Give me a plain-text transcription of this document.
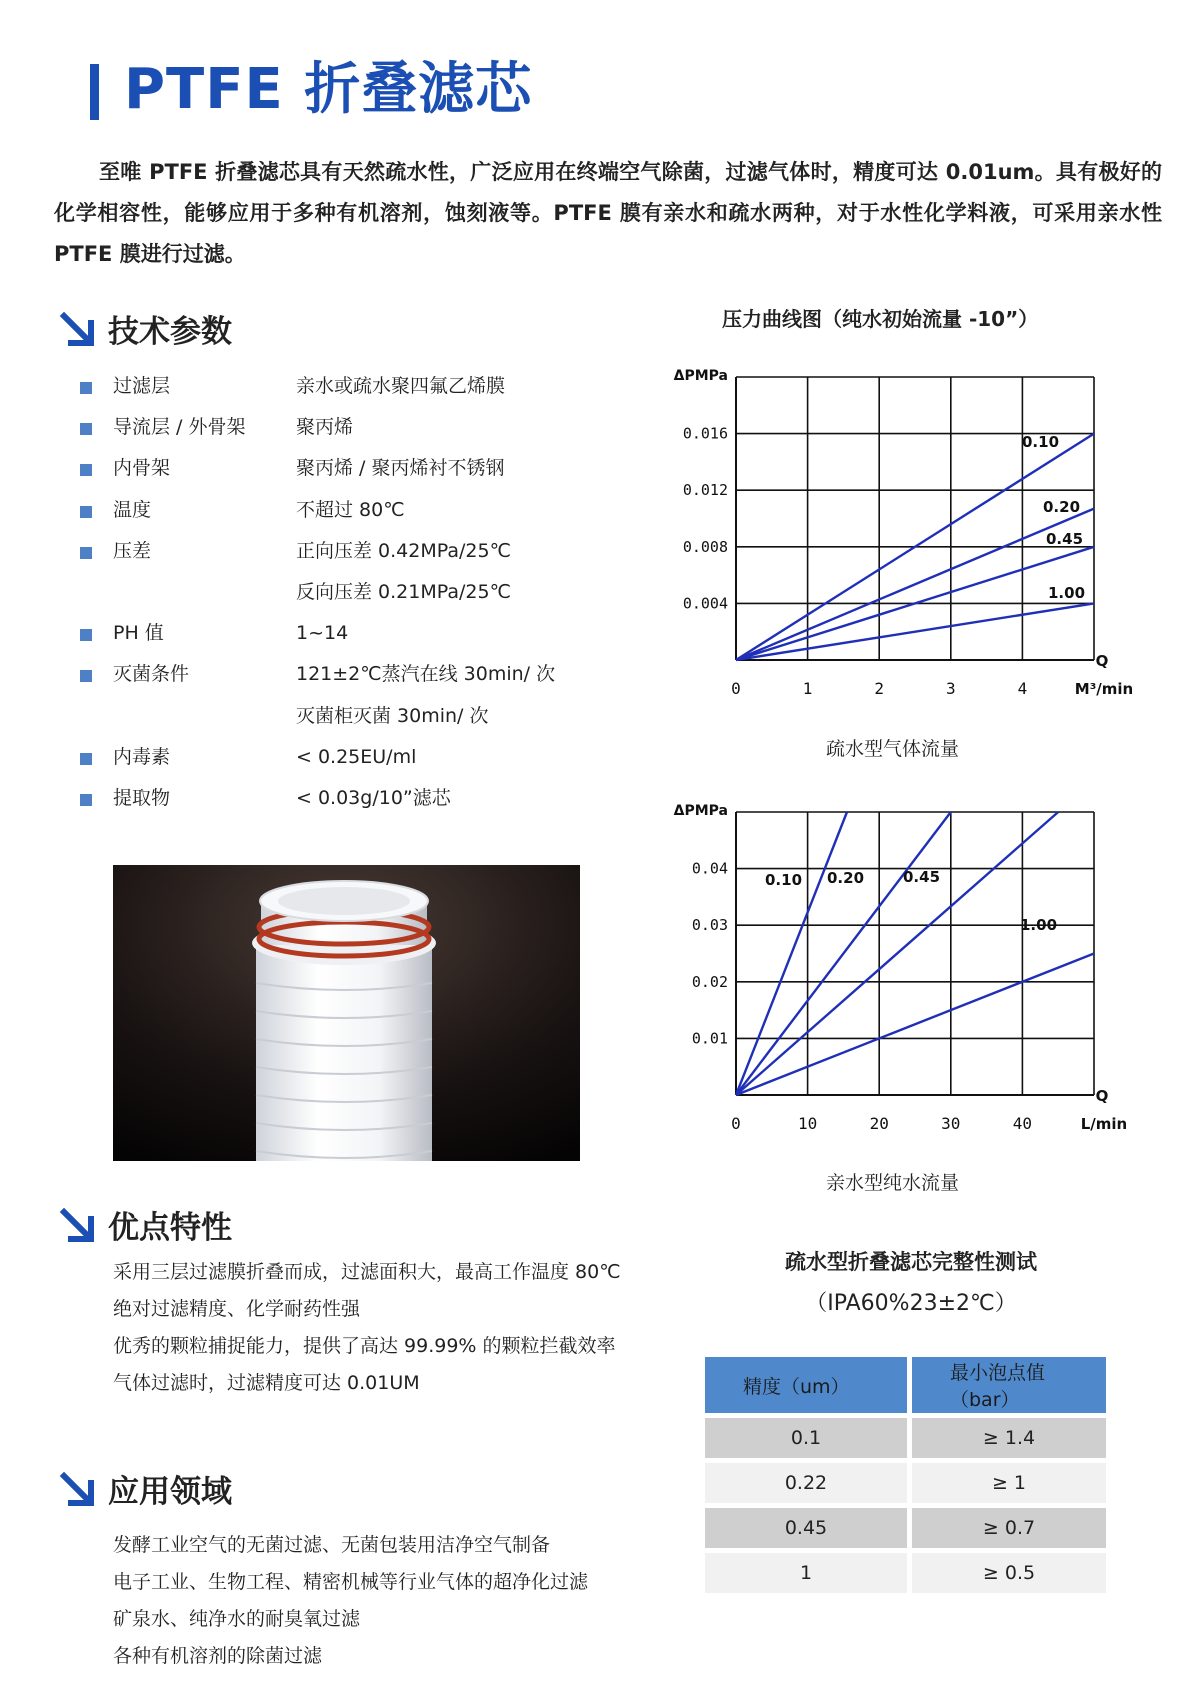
PTFE 折叠滤芯
至唯 PTFE 折叠滤芯具有天然疏水性，广泛应用在终端空气除菌，过滤气体时，精度可达 0.01um。具有极好的化学相容性，能够应用于多种有机溶剂，蚀刻液等。PTFE 膜有亲水和疏水两种，对于水性化学料液，可采用亲水性 PTFE 膜进行过滤。
技术参数
过滤层	亲水或疏水聚四氟乙烯膜
导流层 / 外骨架	聚丙烯
内骨架	聚丙烯 / 聚丙烯衬不锈钢
温度	不超过 80℃
压差	正向压差 0.42MPa/25℃
反向压差 0.21MPa/25℃
PH 值	1~14
灭菌条件	121±2℃蒸汽在线 30min/ 次
灭菌柜灭菌 30min/ 次
内毒素	< 0.25EU/ml
提取物	< 0.03g/10”滤芯
优点特性
采用三层过滤膜折叠而成，过滤面积大，最高工作温度 80℃
绝对过滤精度、化学耐药性强
优秀的颗粒捕捉能力，提供了高达 99.99% 的颗粒拦截效率
气体过滤时，过滤精度可达 0.01UM
应用领域
发酵工业空气的无菌过滤、无菌包装用洁净空气制备
电子工业、生物工程、精密机械等行业气体的超净化过滤
矿泉水、纯净水的耐臭氧过滤
各种有机溶剂的除菌过滤
压力曲线图（纯水初始流量 -10”）
0	1	2	3	4
0.004
0.008
0.012
0.016
ΔPMPa
Q
M³/min
0.10
0.20
0.45
1.00
疏水型气体流量
0	10	20	30	40
0.01
0.02
0.03
0.04
ΔPMPa
Q
L/min
0.10 0.20	0.45
1.00
亲水型纯水流量
疏水型折叠滤芯完整性测试
（IPA60%23±2℃）
精度（um）	最小泡点值（bar）
0.1	≥ 1.4
0.22	≥ 1
0.45	≥ 0.7
1	≥ 0.5
